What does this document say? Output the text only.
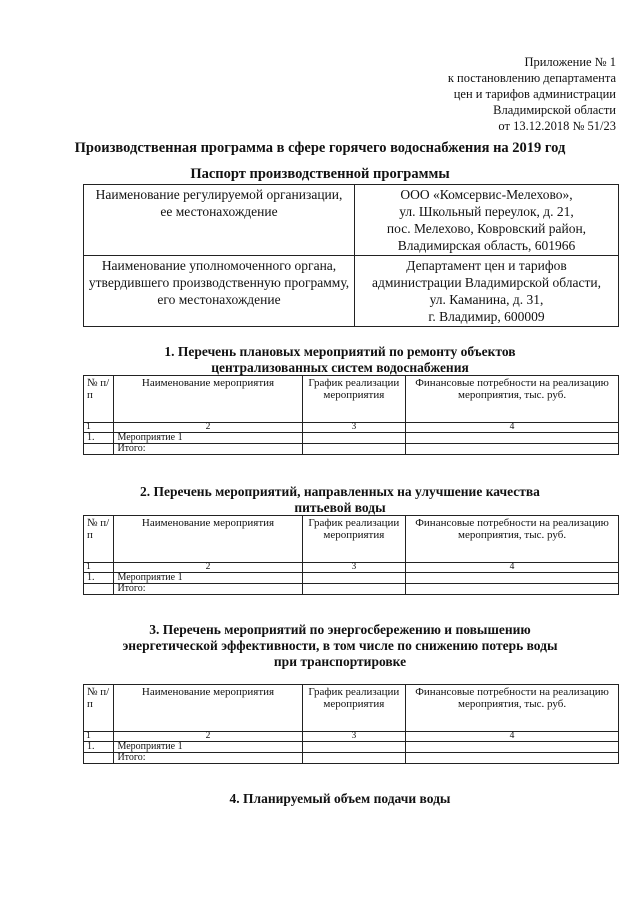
Приложение № 1
к постановлению департамента
цен и тарифов администрации
Владимирской области
от 13.12.2018 № 51/23
Производственная программа в сфере горячего водоснабжения на 2019 год
Паспорт производственной программы
Наименование регулируемой организации, ее местонахождение	ООО «Комсервис-Мелехово»,
ул. Школьный переулок, д. 21,
пос. Мелехово, Ковровский район,
Владимирская область, 601966

Наименование уполномоченного органа, утвердившего производственную программу, его местонахождение	Департамент цен и тарифов
администрации Владимирской области,
ул. Каманина, д. 31,
г. Владимир, 600009
1. Перечень плановых мероприятий по ремонту объектов
централизованных систем водоснабжения
№ п/п	Наименование мероприятия	График реализации мероприятия	Финансовые потребности на реализацию мероприятия, тыс. руб.
1	2	3	4
1.	Мероприятие 1		
	Итого:		
2. Перечень мероприятий, направленных на улучшение качества
питьевой воды
№ п/п	Наименование мероприятия	График реализации мероприятия	Финансовые потребности на реализацию мероприятия, тыс. руб.
1	2	3	4
1.	Мероприятие 1		
	Итого:		
3. Перечень мероприятий по энергосбережению и повышению
энергетической эффективности, в том числе по снижению потерь воды
при транспортировке
№ п/п	Наименование мероприятия	График реализации мероприятия	Финансовые потребности на реализацию мероприятия, тыс. руб.
1	2	3	4
1.	Мероприятие 1		
	Итого:		
4. Планируемый объем подачи воды
